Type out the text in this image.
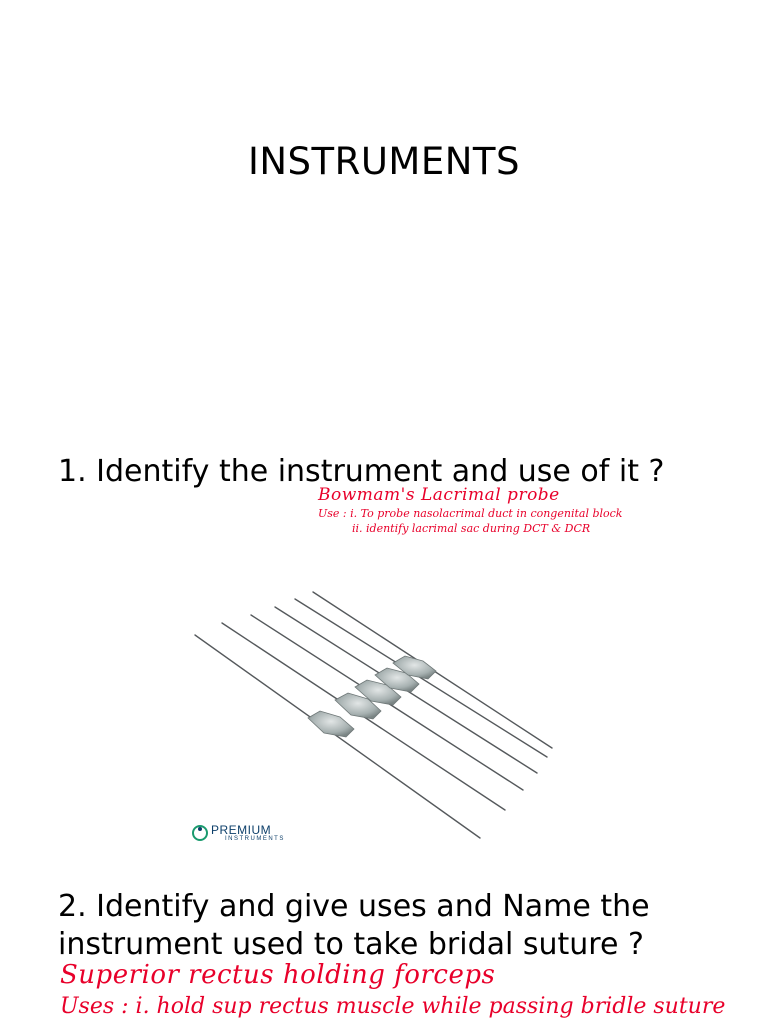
INSTRUMENTS
1. Identify the instrument and use of it ?
Bowmam's Lacrimal probe
Use : i. To probe nasolacrimal duct in congenital block
ii. identify lacrimal sac during DCT & DCR
PREMIUM
INSTRUMENTS
2. Identify and give uses and Name the instrument used to take bridal suture ?
Superior rectus holding forceps
Uses : i. hold sup rectus muscle while passing bridle suture
